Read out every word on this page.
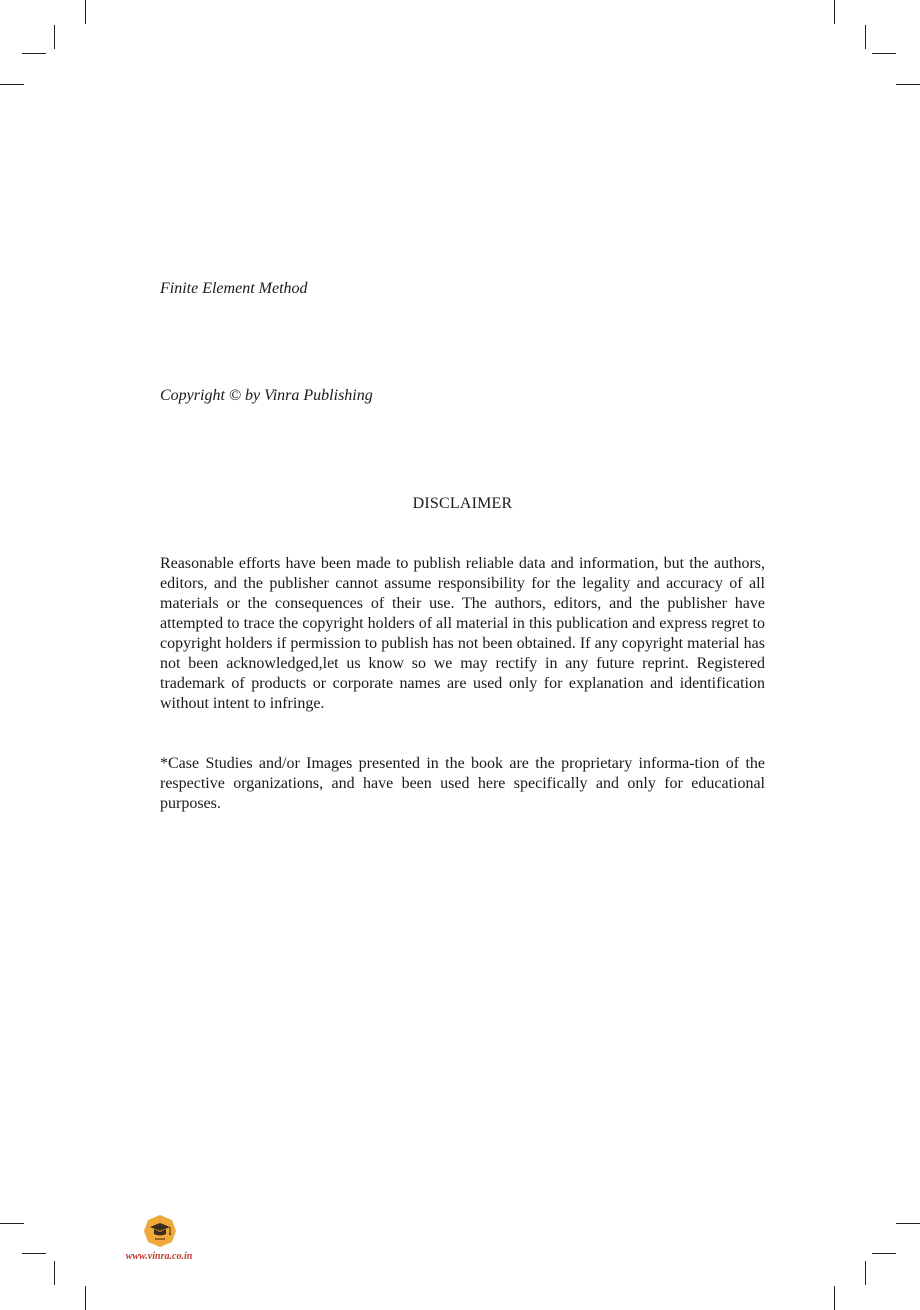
Finite Element Method

Copyright © by Vinra Publishing

DISCLAIMER

Reasonable efforts have been made to publish reliable data and information, but the authors, editors, and the publisher cannot assume responsibility for the legality and accuracy of all materials or the consequences of their use. The authors, editors, and the publisher have attempted to trace the copyright holders of all material in this publication and express regret to copyright holders if permission to publish has not been obtained. If any copyright material has not been acknowledged,let us know so we may rectify in any future reprint. Registered trademark of products or corporate names are used only for explanation and identification without intent to infringe.

*Case Studies and/or Images presented in the book are the proprietary informa-tion of the respective organizations, and have been used here specifically and only for educational purposes.

www.vinra.co.in
